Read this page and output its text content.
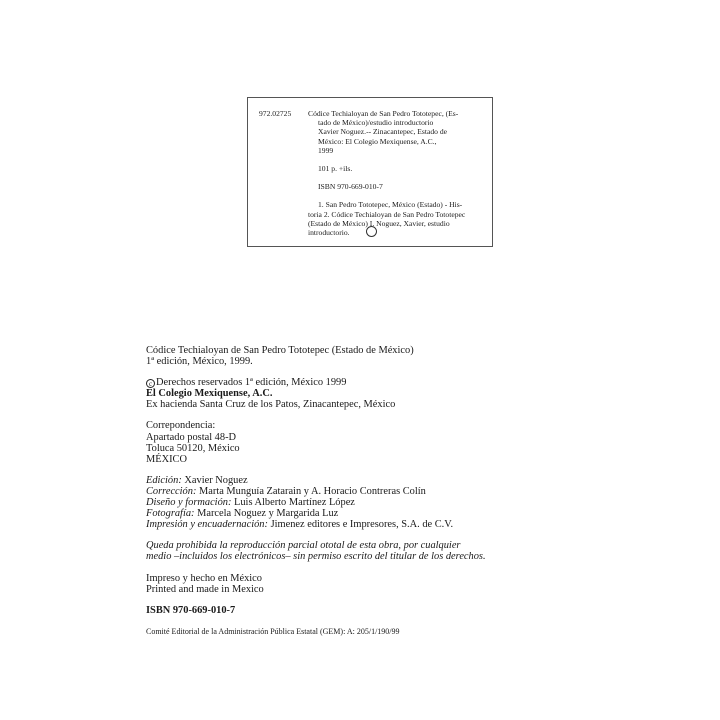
972.02725 Códice Techialoyan de San Pedro Tototepec, (Es-

tado de México)/estudio introductorio

Xavier Noguez.-- Zinacantepec, Estado de

México: El Colegio Mexiquense, A.C.,

1999

101 p. +ils.

ISBN 970-669-010-7

1. San Pedro Tototepec, México (Estado) - His-

toria 2. Códice Techialoyan de San Pedro Tototepec

(Estado de México) I. Noguez, Xavier, estudio

introductorio.

Códice Techialoyan de San Pedro Tototepec (Estado de México)

1ª edición, México, 1999.

c Derechos reservados 1ª edición, México 1999

El Colegio Mexiquense, A.C.

Ex hacienda Santa Cruz de los Patos, Zinacantepec, México

Correpondencia:

Apartado postal 48-D

Toluca 50120, México

MÉXICO

Edición: Xavier Noguez

Corrección: Marta Munguía Zatarain y A. Horacio Contreras Colín

Diseño y formación: Luis Alberto Martínez López

Fotografía: Marcela Noguez y Margarida Luz

Impresión y encuadernación: Jimenez editores e Impresores, S.A. de C.V.

Queda prohibida la reproducción parcial ototal de esta obra, por cualquier

medio –incluidos los electrónicos– sin permiso escrito del titular de los derechos.

Impreso y hecho en México

Printed and made in Mexico

ISBN 970-669-010-7

Comité Editorial de la Administración Pública Estatal (GEM): A: 205/1/190/99
